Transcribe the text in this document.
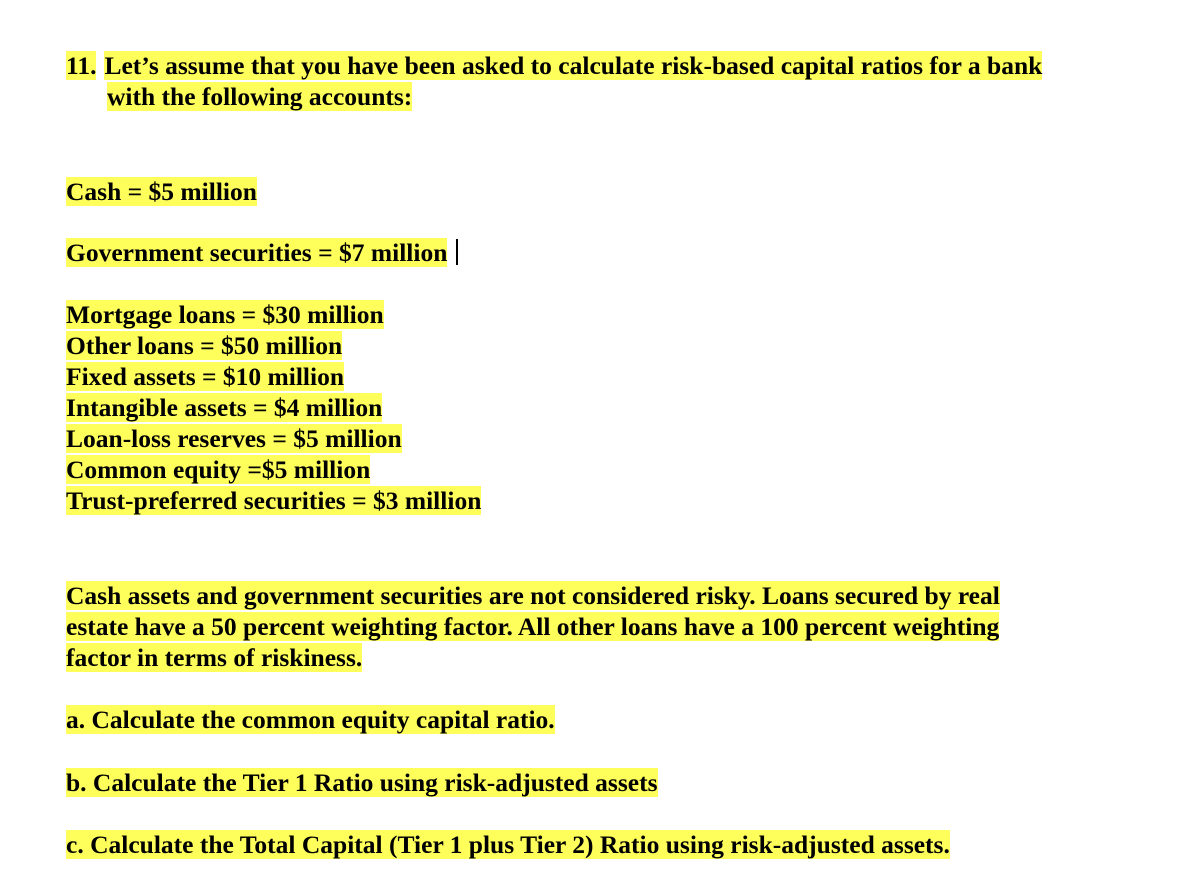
11. Let’s assume that you have been asked to calculate risk-based capital ratios for a bank
with the following accounts:
Cash = $5 million
Government securities = $7 million
Mortgage loans = $30 million
Other loans = $50 million
Fixed assets = $10 million
Intangible assets = $4 million
Loan-loss reserves = $5 million
Common equity =$5 million
Trust-preferred securities = $3 million
Cash assets and government securities are not considered risky. Loans secured by real
estate have a 50 percent weighting factor. All other loans have a 100 percent weighting
factor in terms of riskiness.
a. Calculate the common equity capital ratio.
b. Calculate the Tier 1 Ratio using risk-adjusted assets
c. Calculate the Total Capital (Tier 1 plus Tier 2) Ratio using risk-adjusted assets.
